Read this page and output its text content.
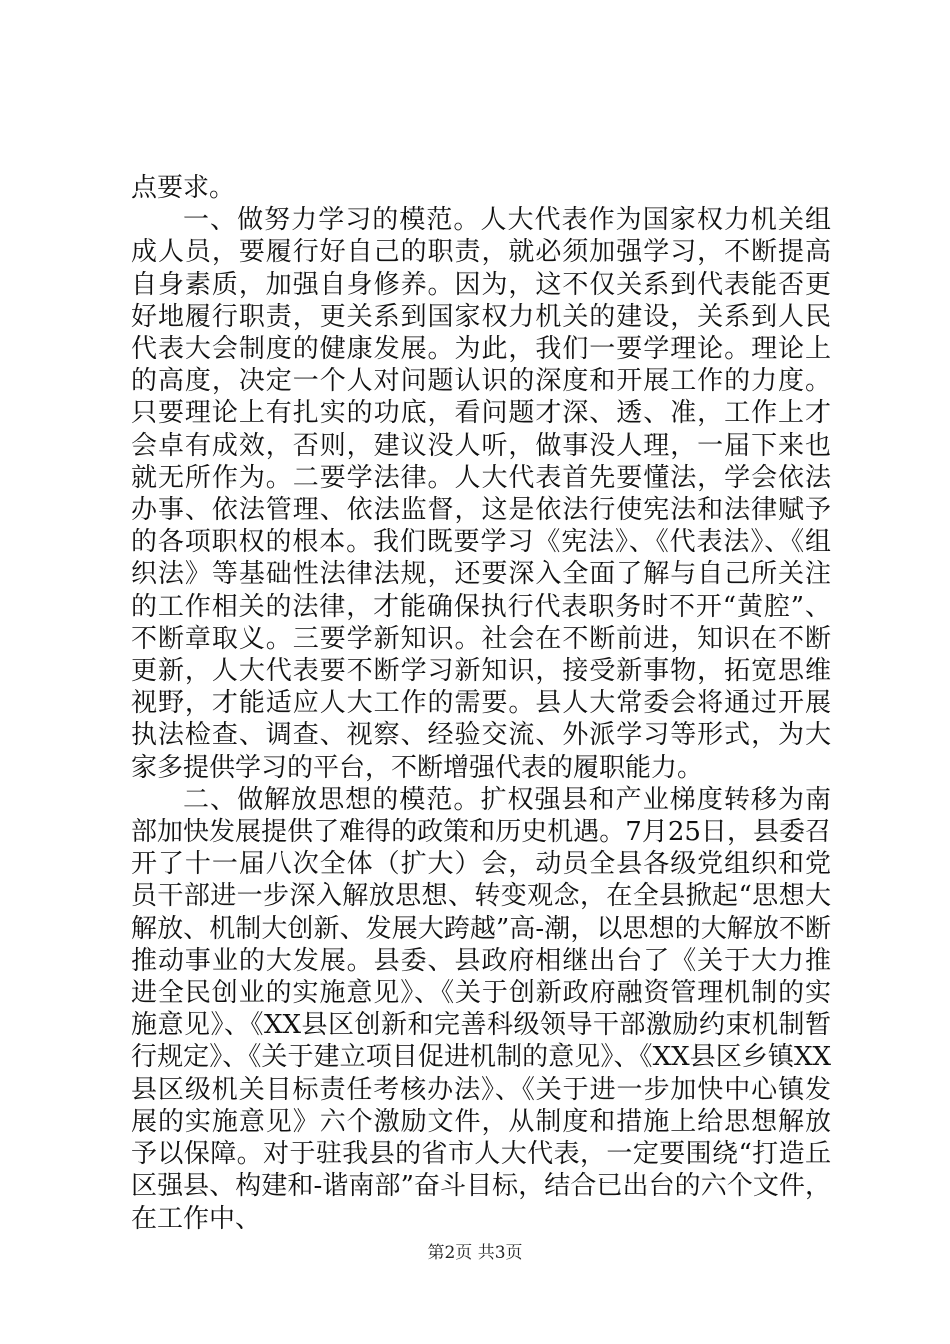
点要求。

一、做努力学习的模范。人大代表作为国家权力机关组成人员，要履行好自己的职责，就必须加强学习，不断提高自身素质，加强自身修养。因为，这不仅关系到代表能否更好地履行职责，更关系到国家权力机关的建设，关系到人民代表大会制度的健康发展。为此，我们一要学理论。理论上的高度，决定一个人对问题认识的深度和开展工作的力度。只要理论上有扎实的功底，看问题才深、透、准，工作上才会卓有成效，否则，建议没人听，做事没人理，一届下来也就无所作为。二要学法律。人大代表首先要懂法，学会依法办事、依法管理、依法监督，这是依法行使宪法和法律赋予的各项职权的根本。我们既要学习《宪法》、《代表法》、《组织法》等基础性法律法规，还要深入全面了解与自己所关注的工作相关的法律，才能确保执行代表职务时不开“黄腔”、不断章取义。三要学新知识。社会在不断前进，知识在不断更新，人大代表要不断学习新知识，接受新事物，拓宽思维视野，才能适应人大工作的需要。县人大常委会将通过开展执法检查、调查、视察、经验交流、外派学习等形式，为大家多提供学习的平台，不断增强代表的履职能力。

二、做解放思想的模范。扩权强县和产业梯度转移为南部加快发展提供了难得的政策和历史机遇。7月25日，县委召开了十一届八次全体（扩大）会，动员全县各级党组织和党员干部进一步深入解放思想、转变观念，在全县掀起“思想大解放、机制大创新、发展大跨越”高-潮，以思想的大解放不断推动事业的大发展。县委、县政府相继出台了《关于大力推进全民创业的实施意见》、《关于创新政府融资管理机制的实施意见》、《XX县区创新和完善科级领导干部激励约束机制暂行规定》、《关于建立项目促进机制的意见》、《XX县区乡镇XX县区级机关目标责任考核办法》、《关于进一步加快中心镇发展的实施意见》六个激励文件，从制度和措施上给思想解放予以保障。对于驻我县的省市人大代表，一定要围绕“打造丘区强县、构建和-谐南部”奋斗目标，结合已出台的六个文件，在工作中、

第2页 共3页
